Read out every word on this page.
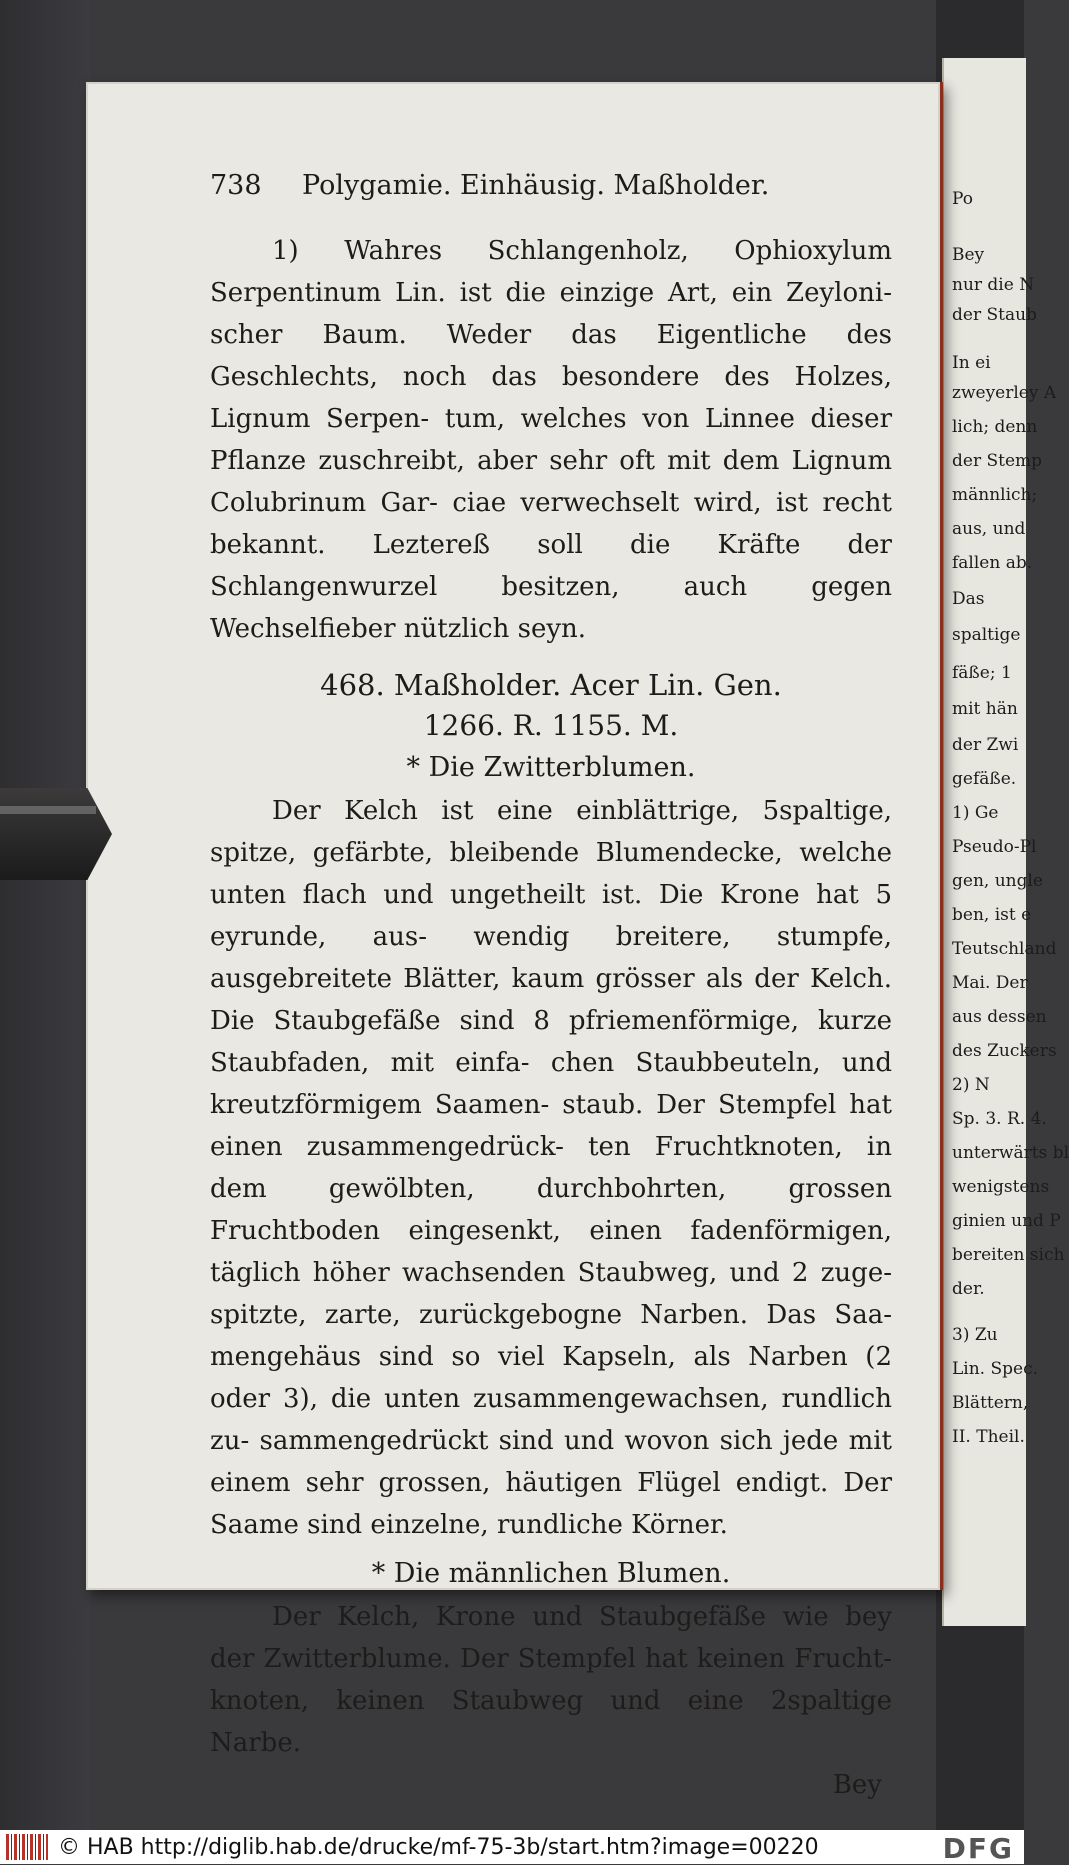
Po
Bey
nur die N
der Staub
In ei
zweyerley A
lich; denn
der Stemp
männlich;
aus, und
fallen ab.
Das
spaltige
fäße; 1
mit hän
der Zwi
gefäße.
1) Ge
Pseudo-Pl
gen, ungle
ben, ist e
Teutschland
Mai. Der
aus dessen
des Zuckers
2) N
Sp. 3. R. 4.
unterwärts bl
wenigstens
ginien und P
bereiten sich
der.
3) Zu
Lin. Spec.
Blättern,
II. Theil.
738 Polygamie. Einhäusig. Maßholder.

1) Wahres Schlangenholz, Ophioxylum Serpentinum Lin. ist die einzige Art, ein Zeyloni- scher Baum. Weder das Eigentliche des Geschlechts, noch das besondere des Holzes, Lignum Serpen- tum, welches von Linnee dieser Pflanze zuschreibt, aber sehr oft mit dem Lignum Colubrinum Gar- ciae verwechselt wird, ist recht bekannt. Leztereß soll die Kräfte der Schlangenwurzel besitzen, auch gegen Wechselfieber nützlich seyn.

468. Maßholder. Acer Lin. Gen.
1266. R. 1155. M.
* Die Zwitterblumen.

Der Kelch ist eine einblättrige, 5spaltige, spitze, gefärbte, bleibende Blumendecke, welche unten flach und ungetheilt ist. Die Krone hat 5 eyrunde, aus- wendig breitere, stumpfe, ausgebreitete Blätter, kaum grösser als der Kelch. Die Staubgefäße sind 8 pfriemenförmige, kurze Staubfaden, mit einfa- chen Staubbeuteln, und kreutzförmigem Saamen- staub. Der Stempfel hat einen zusammengedrück- ten Fruchtknoten, in dem gewölbten, durchbohrten, grossen Fruchtboden eingesenkt, einen fadenförmigen, täglich höher wachsenden Staubweg, und 2 zuge- spitzte, zarte, zurückgebogne Narben. Das Saa- mengehäus sind so viel Kapseln, als Narben (2 oder 3), die unten zusammengewachsen, rundlich zu- sammengedrückt sind und wovon sich jede mit einem sehr grossen, häutigen Flügel endigt. Der Saame sind einzelne, rundliche Körner.

* Die männlichen Blumen.

Der Kelch, Krone und Staubgefäße wie bey der Zwitterblume. Der Stempfel hat keinen Frucht- knoten, keinen Staubweg und eine 2spaltige Narbe.

Bey
© HAB http://diglib.hab.de/drucke/mf-75-3b/start.htm?image=00220	DFG
